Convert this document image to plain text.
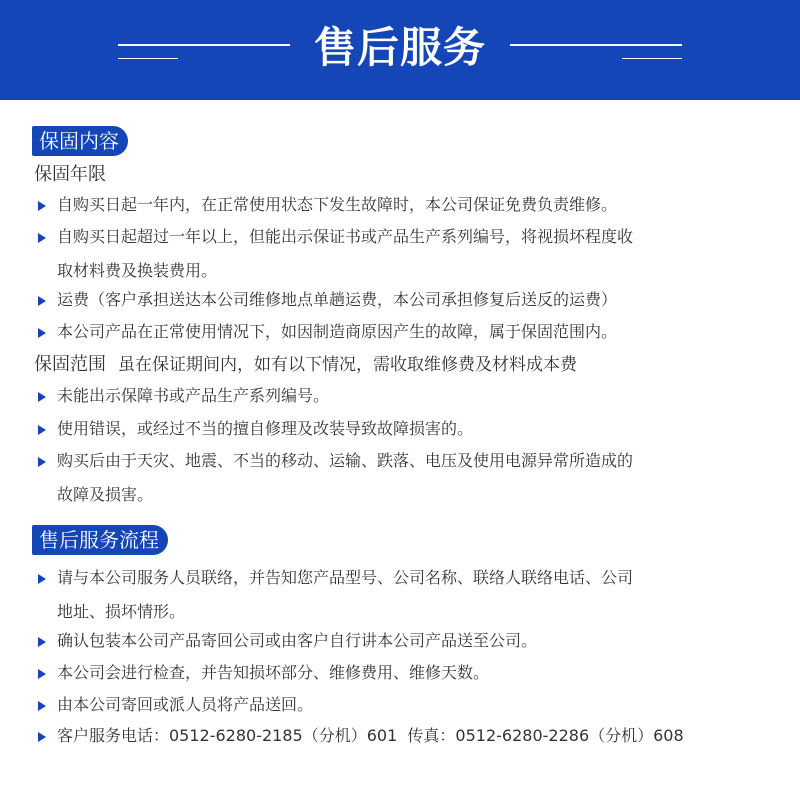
售后服务
保固内容
保固年限
自购买日起一年内，在正常使用状态下发生故障时，本公司保证免费负责维修。
自购买日起超过一年以上，但能出示保证书或产品生产系列编号，将视损坏程度收
取材料费及换装费用。
运费（客户承担送达本公司维修地点单趟运费，本公司承担修复后送反的运费）
本公司产品在正常使用情况下，如因制造商原因产生的故障，属于保固范围内。
保固范围 虽在保证期间内，如有以下情况，需收取维修费及材料成本费
未能出示保障书或产品生产系列编号。
使用错误，或经过不当的擅自修理及改装导致故障损害的。
购买后由于天灾、地震、不当的移动、运输、跌落、电压及使用电源异常所造成的
故障及损害。
售后服务流程
请与本公司服务人员联络，并告知您产品型号、公司名称、联络人联络电话、公司
地址、损坏情形。
确认包装本公司产品寄回公司或由客户自行讲本公司产品送至公司。
本公司会进行检查，并告知损坏部分、维修费用、维修天数。
由本公司寄回或派人员将产品送回。
客户服务电话：0512-6280-2185（分机）601  传真：0512-6280-2286（分机）608
